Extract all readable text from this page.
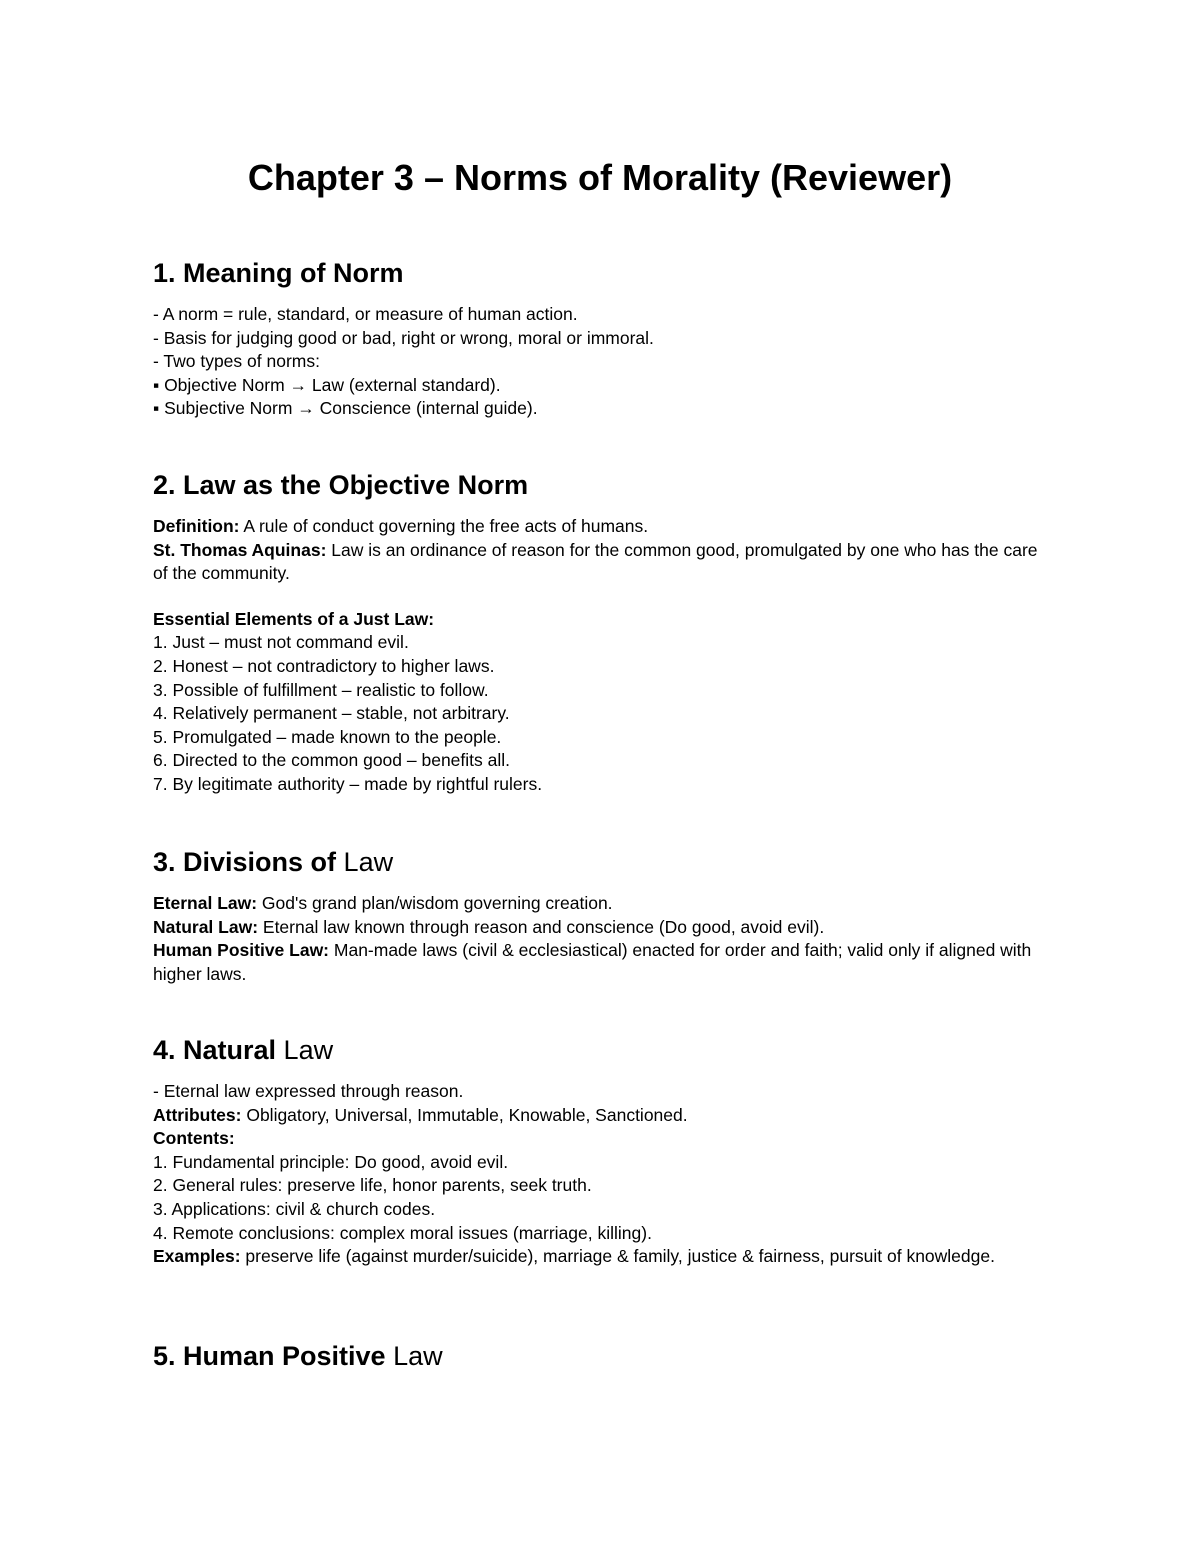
Chapter 3 – Norms of Morality (Reviewer)
1. Meaning of Norm

- A norm = rule, standard, or measure of human action.

- Basis for judging good or bad, right or wrong, moral or immoral.

- Two types of norms:

▪ Objective Norm → Law (external standard).

▪ Subjective Norm → Conscience (internal guide).

2. Law as the Objective Norm

Definition: A rule of conduct governing the free acts of humans.

St. Thomas Aquinas: Law is an ordinance of reason for the common good, promulgated by one who has the care of the community.

Essential Elements of a Just Law:

1. Just – must not command evil.

2. Honest – not contradictory to higher laws.

3. Possible of fulfillment – realistic to follow.

4. Relatively permanent – stable, not arbitrary.

5. Promulgated – made known to the people.

6. Directed to the common good – benefits all.

7. By legitimate authority – made by rightful rulers.

3. Divisions of Law

Eternal Law: God's grand plan/wisdom governing creation.

Natural Law: Eternal law known through reason and conscience (Do good, avoid evil).

Human Positive Law: Man-made laws (civil & ecclesiastical) enacted for order and faith; valid only if aligned with higher laws.

4. Natural Law

- Eternal law expressed through reason.

Attributes: Obligatory, Universal, Immutable, Knowable, Sanctioned.

Contents:

1. Fundamental principle: Do good, avoid evil.

2. General rules: preserve life, honor parents, seek truth.

3. Applications: civil & church codes.

4. Remote conclusions: complex moral issues (marriage, killing).

Examples: preserve life (against murder/suicide), marriage & family, justice & fairness, pursuit of knowledge.

5. Human Positive Law
